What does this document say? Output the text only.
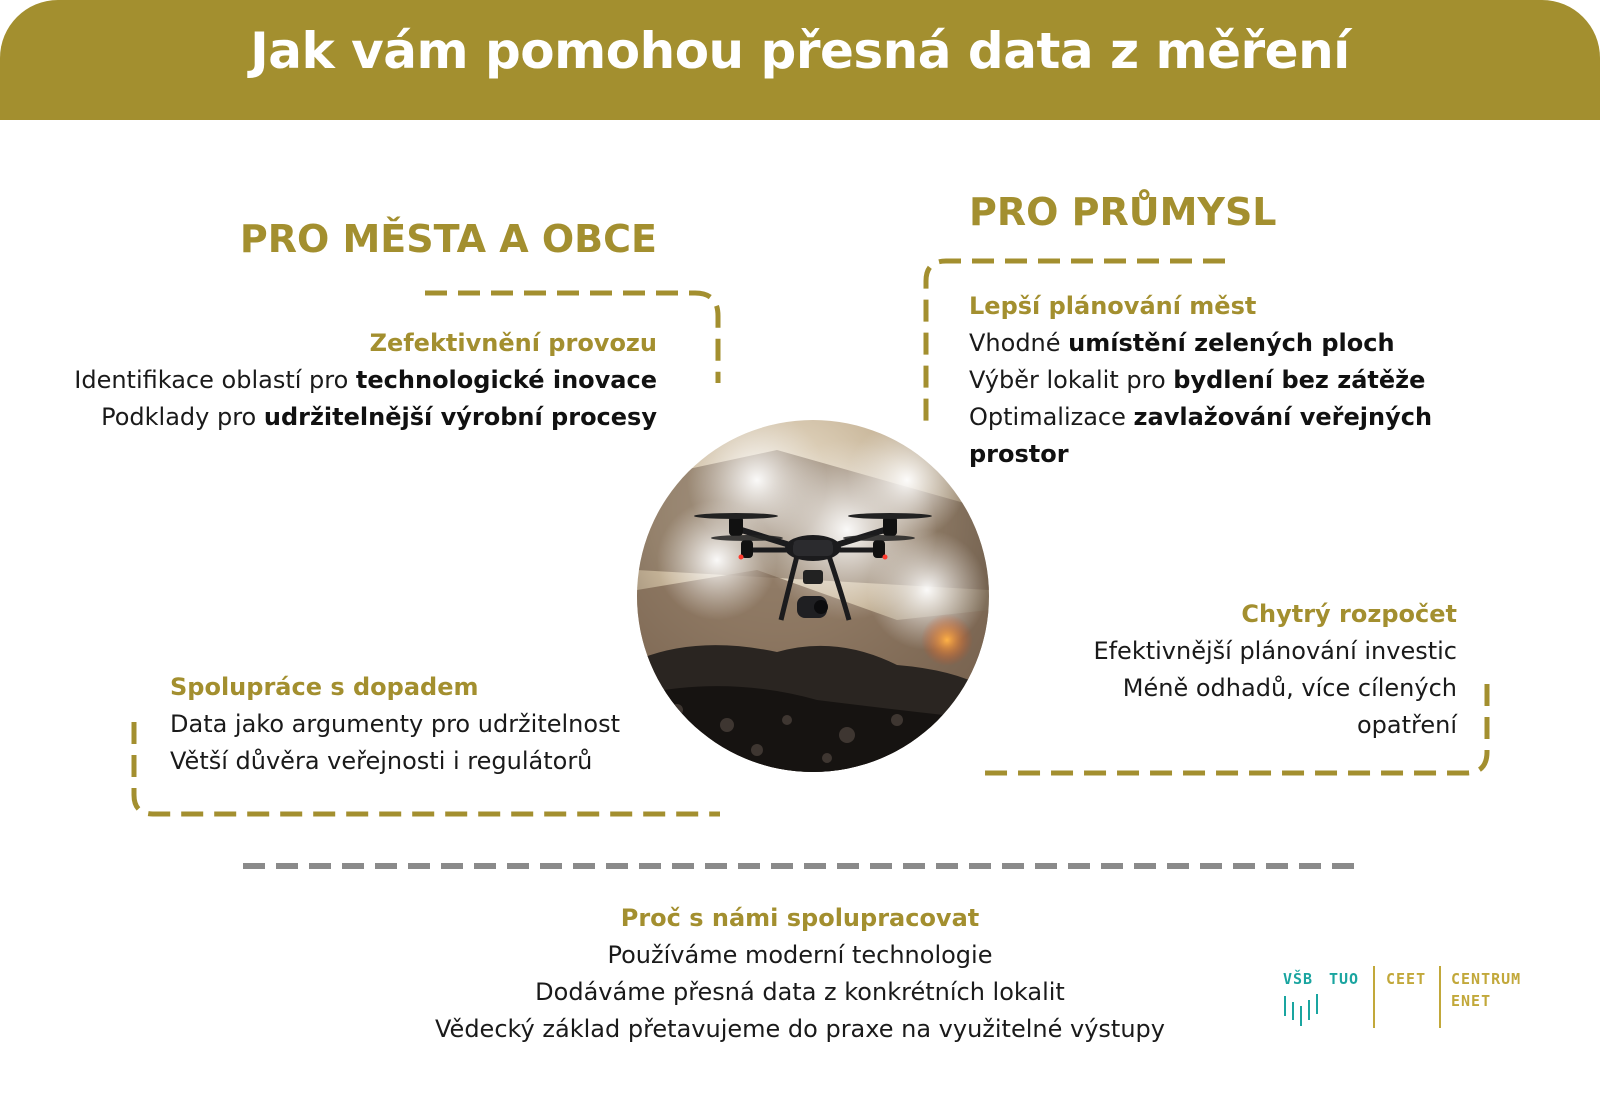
Jak vám pomohou přesná data z měření
PRO MĚSTA A OBCE
PRO PRŮMYSL
Zefektivnění provozu
Identifikace oblastí pro technologické inovace
Podklady pro udržitelnější výrobní procesy
Lepší plánování měst
Vhodné umístění zelených ploch
Výběr lokalit pro bydlení bez zátěže
Optimalizace zavlažování veřejných
prostor
Spolupráce s dopadem
Data jako argumenty pro udržitelnost
Větší důvěra veřejnosti i regulátorů
Chytrý rozpočet
Efektivnější plánování investic
Méně odhadů, více cílených
opatření
Proč s námi spolupracovat
Používáme moderní technologie
Dodáváme přesná data z konkrétních lokalit
Vědecký základ přetavujeme do praxe na využitelné výstupy
VŠB TUO CEET CENTRUM
ENET
